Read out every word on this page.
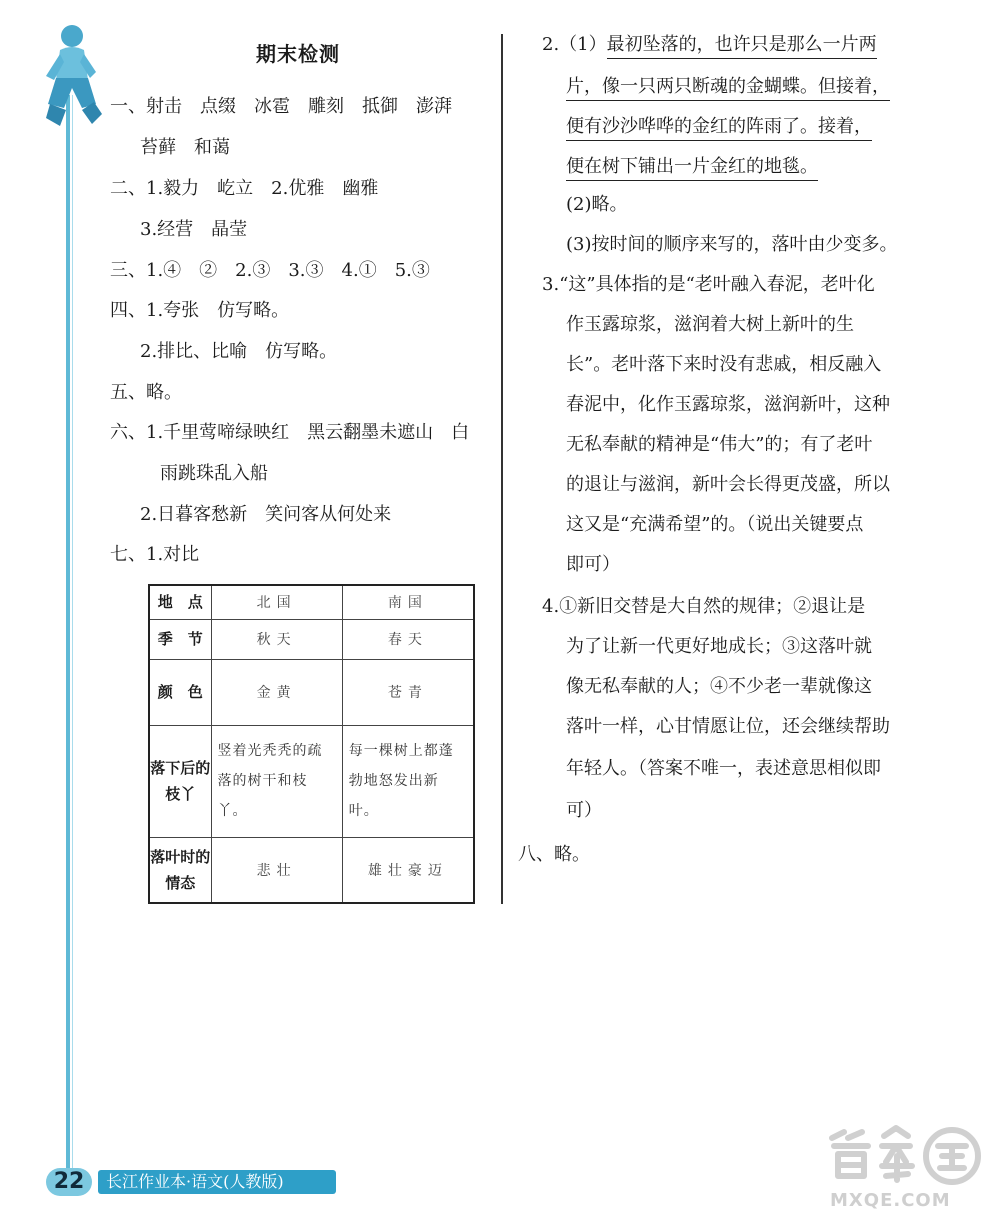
期末检测
一、射击　点缀　冰雹　雕刻　抵御　澎湃
苔藓　和蔼
二、1.毅力　屹立　2.优雅　幽雅
3.经营　晶莹
三、1.④　②　2.③　3.③　4.①　5.③
四、1.夸张　仿写略。
2.排比、比喻　仿写略。
五、略。
六、1.千里莺啼绿映红　黑云翻墨未遮山　白
雨跳珠乱入船
2.日暮客愁新　笑问客从何处来
七、1.对比
地　点	北国	南国
季　节	秋天	春天
颜　色	金黄	苍青
落下后的枝丫	竖着光秃秃的疏落的树干和枝丫。	每一棵树上都蓬勃地怒发出新叶。
落叶时的情态	悲壮	雄壮豪迈
2.（1）最初坠落的，也许只是那么一片两
片，像一只两只断魂的金蝴蝶。但接着，
便有沙沙哗哗的金红的阵雨了。接着，
便在树下铺出一片金红的地毯。
(2)略。
(3)按时间的顺序来写的，落叶由少变多。
3.“这”具体指的是“老叶融入春泥，老叶化
作玉露琼浆，滋润着大树上新叶的生
长”。老叶落下来时没有悲戚，相反融入
春泥中，化作玉露琼浆，滋润新叶，这种
无私奉献的精神是“伟大”的；有了老叶
的退让与滋润，新叶会长得更茂盛，所以
这又是“充满希望”的。（说出关键要点
即可）
4.①新旧交替是大自然的规律；②退让是
为了让新一代更好地成长；③这落叶就
像无私奉献的人；④不少老一辈就像这
落叶一样，心甘情愿让位，还会继续帮助
年轻人。（答案不唯一，表述意思相似即
可）
八、略。
22	长江作业本·语文(人教版)
MXQE.COM
